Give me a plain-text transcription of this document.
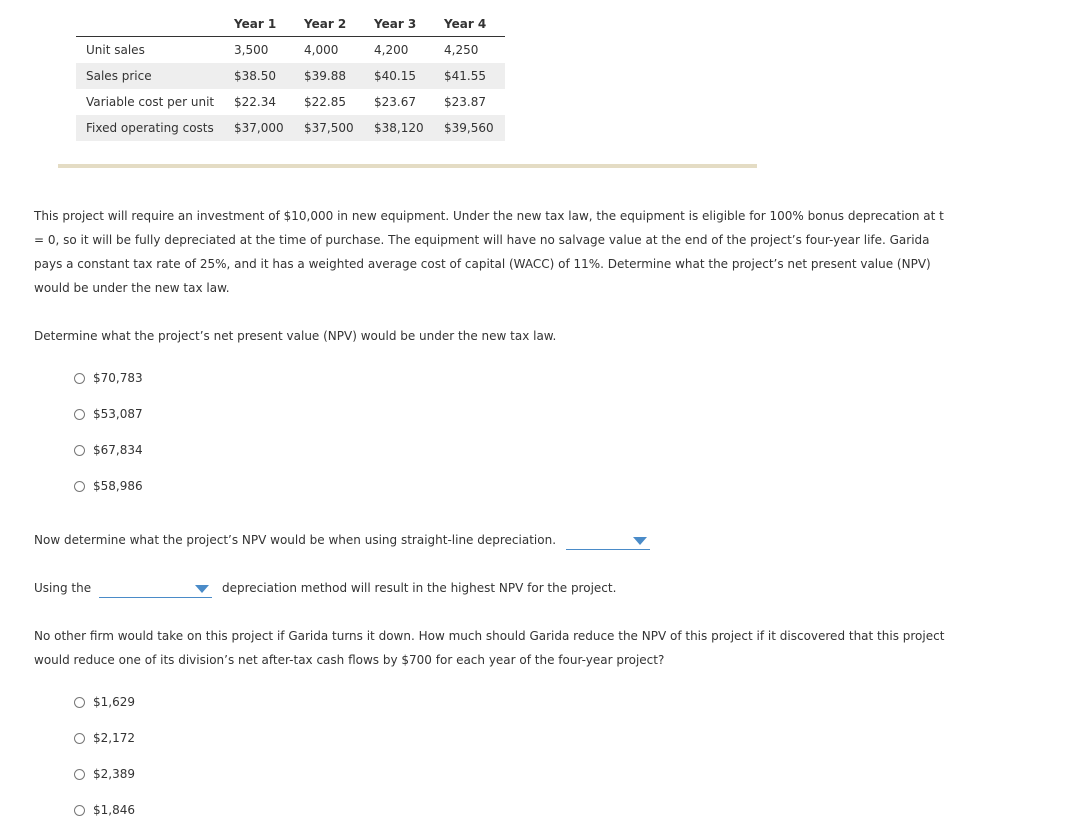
	Year 1	Year 2	Year 3	Year 4
Unit sales	3,500	4,000	4,200	4,250
Sales price	$38.50	$39.88	$40.15	$41.55
Variable cost per unit	$22.34	$22.85	$23.67	$23.87
Fixed operating costs	$37,000	$37,500	$38,120	$39,560

This project will require an investment of $10,000 in new equipment. Under the new tax law, the equipment is eligible for 100% bonus deprecation at t = 0, so it will be fully depreciated at the time of purchase. The equipment will have no salvage value at the end of the project’s four-year life. Garida pays a constant tax rate of 25%, and it has a weighted average cost of capital (WACC) of 11%. Determine what the project’s net present value (NPV) would be under the new tax law.

Determine what the project’s net present value (NPV) would be under the new tax law.

$70,783
$53,087
$67,834
$58,986

Now determine what the project’s NPV would be when using straight-line depreciation.

Using the	depreciation method will result in the highest NPV for the project.

No other firm would take on this project if Garida turns it down. How much should Garida reduce the NPV of this project if it discovered that this project would reduce one of its division’s net after-tax cash flows by $700 for each year of the four-year project?

$1,629
$2,172
$2,389
$1,846
